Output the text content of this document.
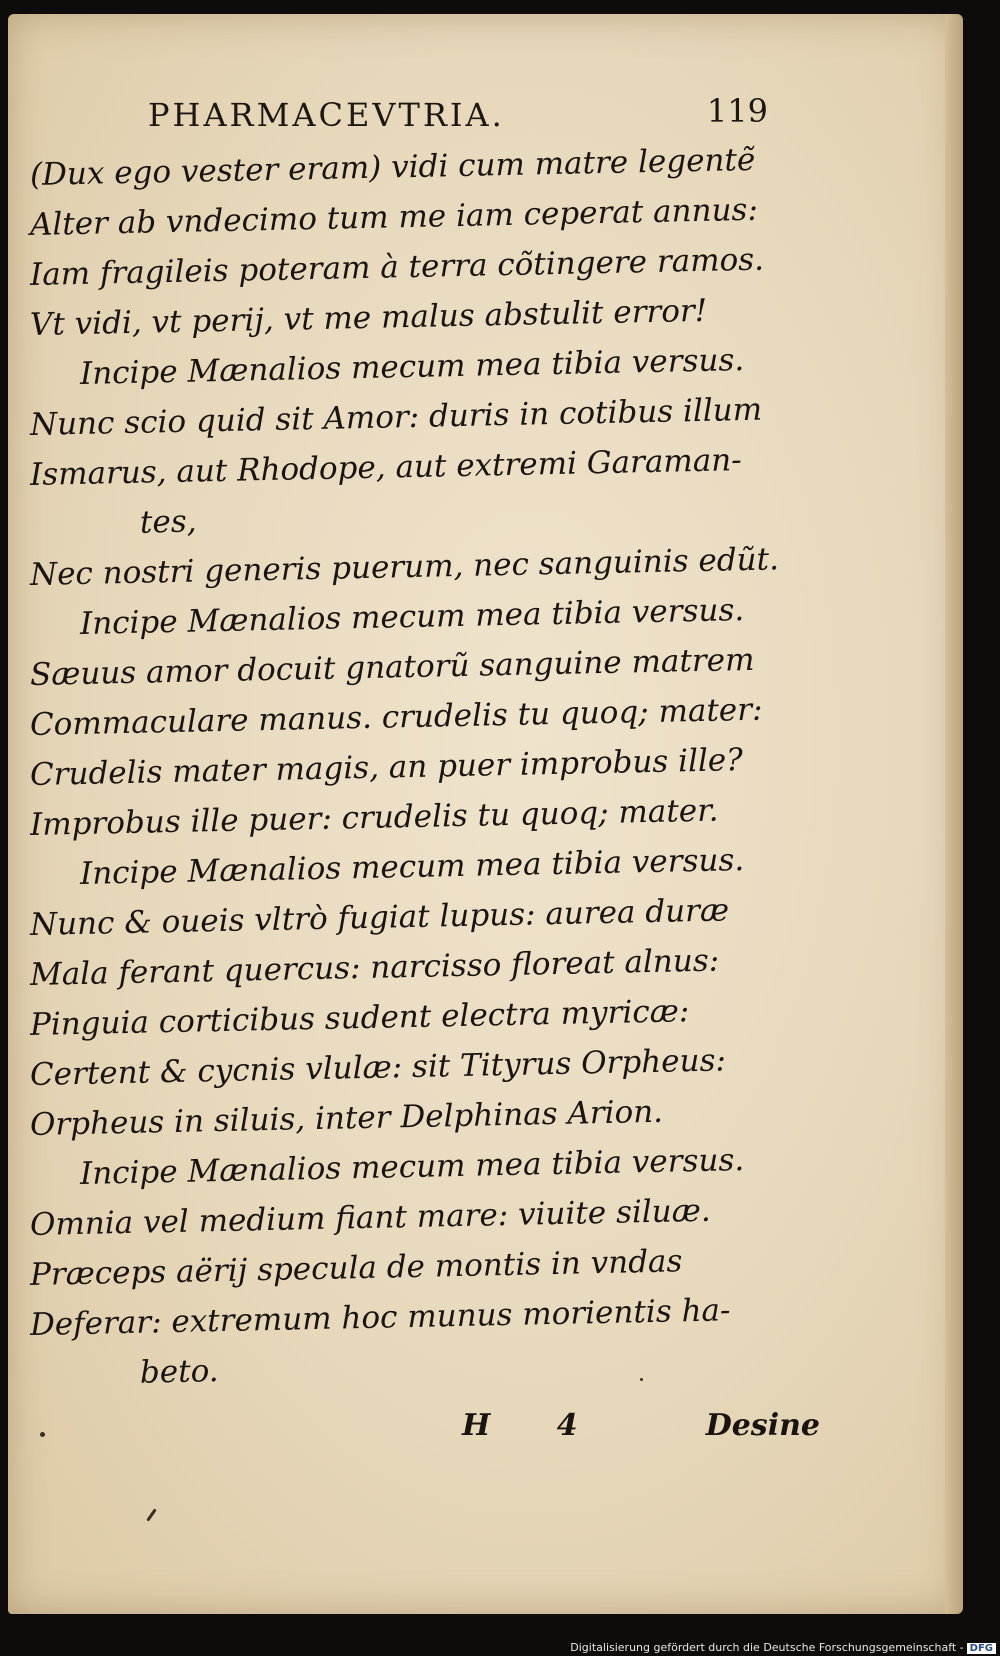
PHARMACEVTRIA.	119
(Dux ego vester eram) vidi cum matre legentẽ
Alter ab vndecimo tum me iam ceperat annus:
Iam fragileis poteram à terra cõtingere ramos.
Vt vidi, vt perij, vt me malus abstulit error!
Incipe Mænalios mecum mea tibia versus.
Nunc scio quid sit Amor: duris in cotibus illum
Ismarus, aut Rhodope, aut extremi Garaman-
tes,
Nec nostri generis puerum, nec sanguinis edũt.
Incipe Mænalios mecum mea tibia versus.
Sæuus amor docuit gnatorũ sanguine matrem
Commaculare manus. crudelis tu quoq; mater:
Crudelis mater magis, an puer improbus ille?
Improbus ille puer: crudelis tu quoq; mater.
Incipe Mænalios mecum mea tibia versus.
Nunc & oueis vltrò fugiat lupus: aurea duræ
Mala ferant quercus: narcisso floreat alnus:
Pinguia corticibus sudent electra myricæ:
Certent & cycnis vlulæ: sit Tityrus Orpheus:
Orpheus in siluis, inter Delphinas Arion.
Incipe Mænalios mecum mea tibia versus.
Omnia vel medium fiant mare: viuite siluæ.
Præceps aërij specula de montis in vndas
Deferar: extremum hoc munus morientis ha-
beto.
H 4	Desine
Digitalisierung gefördert durch die Deutsche Forschungsgemeinschaft - DFG
